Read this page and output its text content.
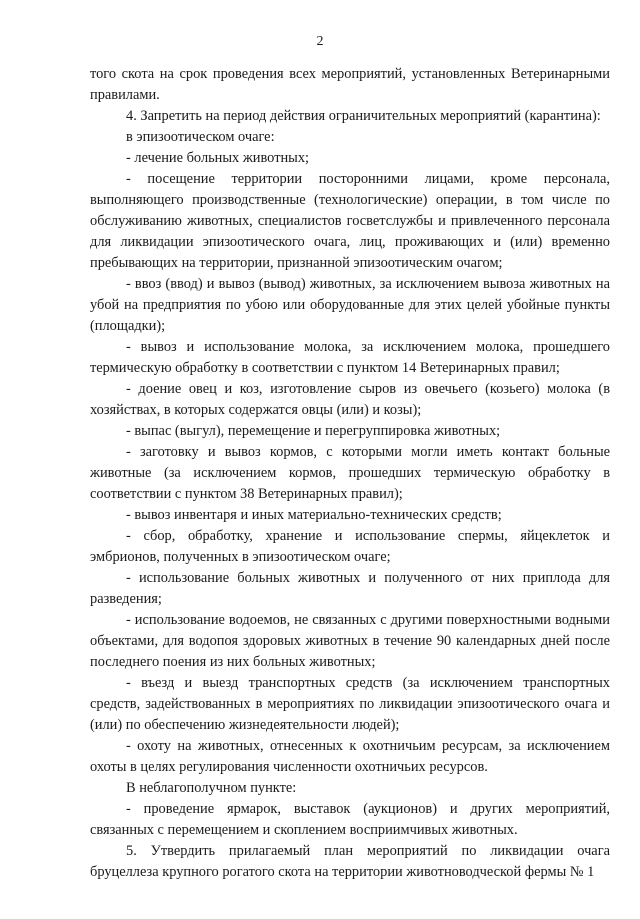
2

того скота на срок проведения всех мероприятий, установленных Ветеринарными правилами.

4. Запретить на период действия ограничительных мероприятий (карантина):

в эпизоотическом очаге:

- лечение больных животных;

- посещение территории посторонними лицами, кроме персонала, выполняющего производственные (технологические) операции, в том числе по обслуживанию животных, специалистов госветслужбы и привлеченного персонала для ликвидации эпизоотического очага, лиц, проживающих и (или) временно пребывающих на территории, признанной эпизоотическим очагом;

- ввоз (ввод) и вывоз (вывод) животных, за исключением вывоза животных на убой на предприятия по убою или оборудованные для этих целей убойные пункты (площадки);

- вывоз и использование молока, за исключением молока, прошедшего термическую обработку в соответствии с пунктом 14 Ветеринарных правил;

- доение овец и коз, изготовление сыров из овечьего (козьего) молока (в хозяйствах, в которых содержатся овцы (или) и козы);

- выпас (выгул), перемещение и перегруппировка животных;

- заготовку и вывоз кормов, с которыми могли иметь контакт больные животные (за исключением кормов, прошедших термическую обработку в соответствии с пунктом 38 Ветеринарных правил);

- вывоз инвентаря и иных материально-технических средств;

- сбор, обработку, хранение и использование спермы, яйцеклеток и эмбрионов, полученных в эпизоотическом очаге;

- использование больных животных и полученного от них приплода для разведения;

- использование водоемов, не связанных с другими поверхностными водными объектами, для водопоя здоровых животных в течение 90 календарных дней после последнего поения из них больных животных;

- въезд и выезд транспортных средств (за исключением транспортных средств, задействованных в мероприятиях по ликвидации эпизоотического очага и (или) по обеспечению жизнедеятельности людей);

- охоту на животных, отнесенных к охотничьим ресурсам, за исключением охоты в целях регулирования численности охотничьих ресурсов.

В неблагополучном пункте:

- проведение ярмарок, выставок (аукционов) и других мероприятий, связанных с перемещением и скоплением восприимчивых животных.

5. Утвердить прилагаемый план мероприятий по ликвидации очага бруцеллеза крупного рогатого скота на территории животноводческой фермы № 1
